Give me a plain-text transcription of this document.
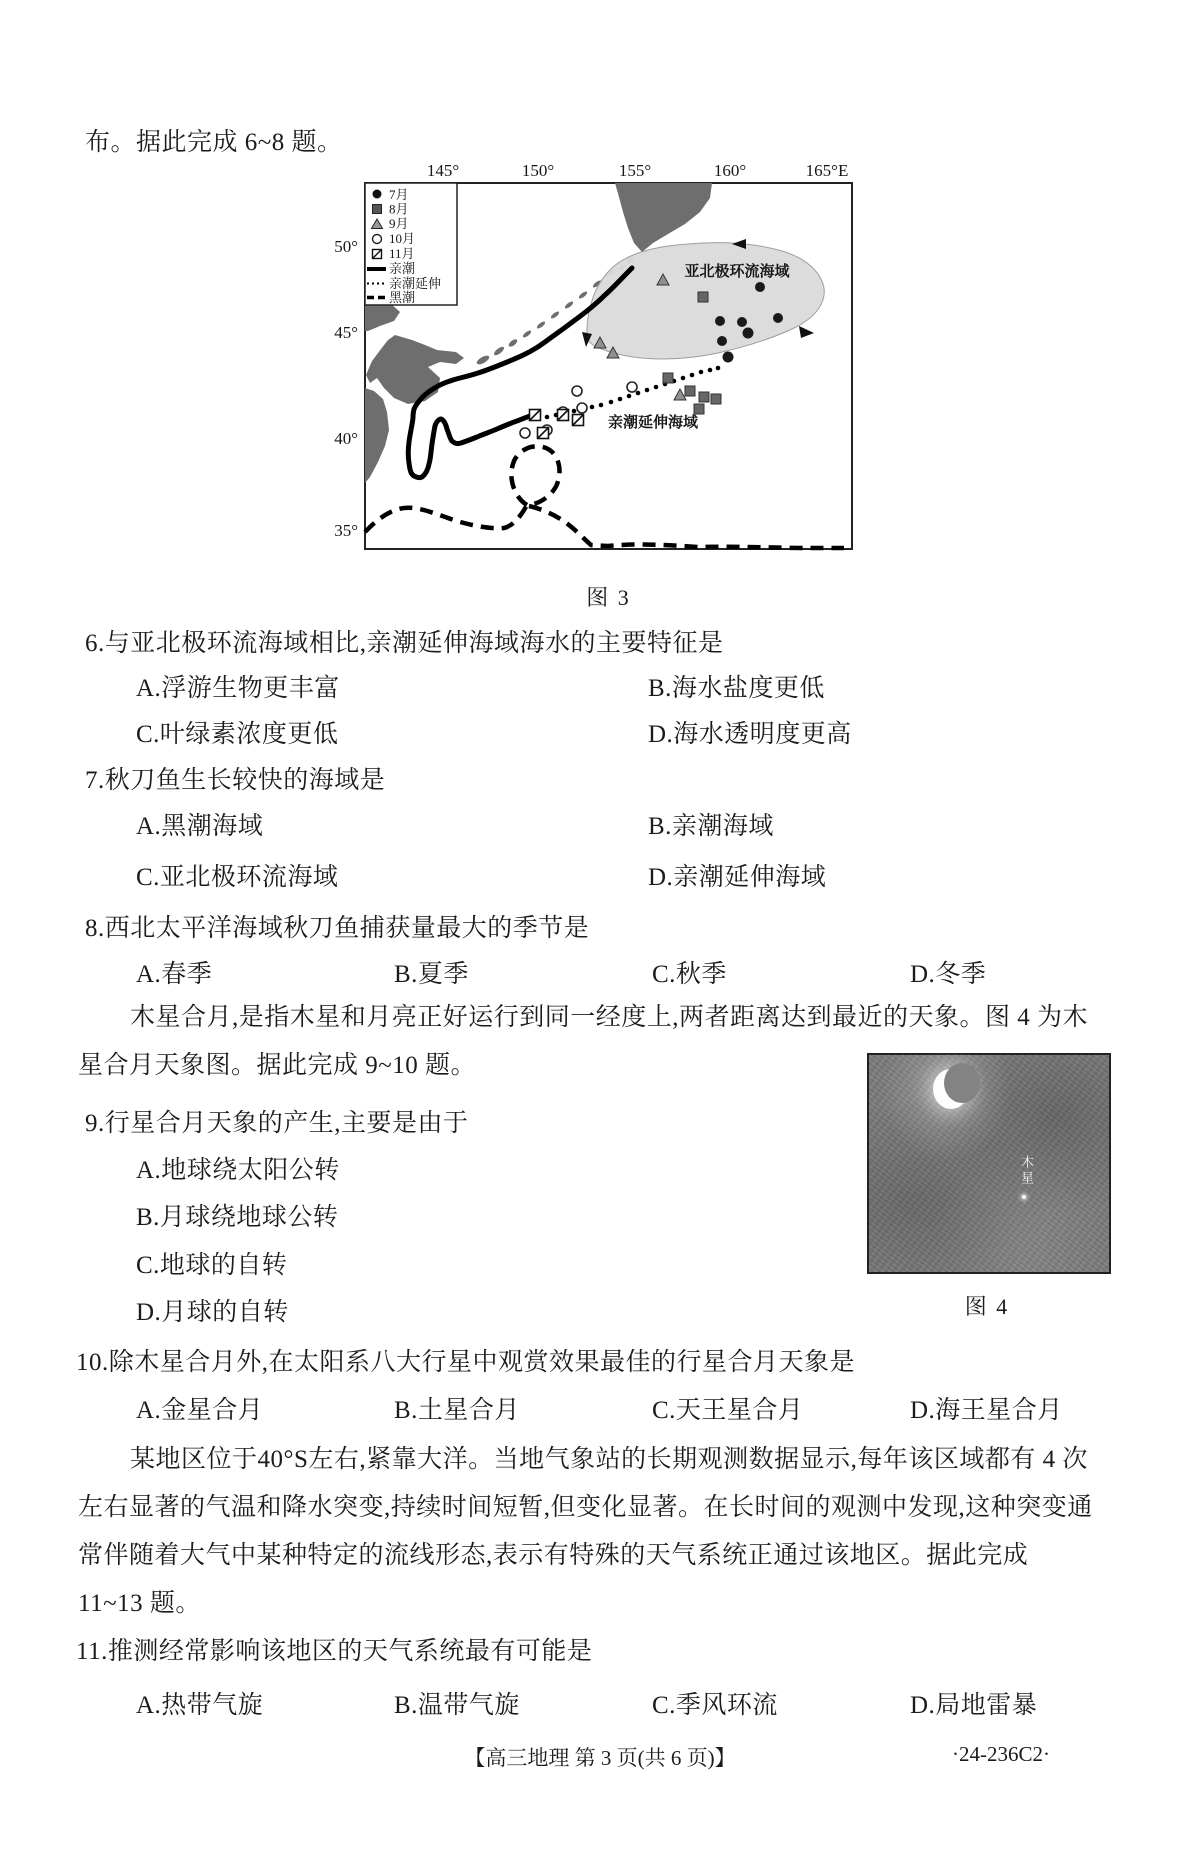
布。据此完成 6~8 题。
145°	150°	155°	160°	165°E
50°
45°
40°
35°
亚北极环流海域
亲潮延伸海域
7月
8月
9月
10月
11月
亲潮
亲潮延伸
黑潮
图 3
6.与亚北极环流海域相比,亲潮延伸海域海水的主要特征是
A.浮游生物更丰富	B.海水盐度更低
C.叶绿素浓度更低	D.海水透明度更高
7.秋刀鱼生长较快的海域是
A.黑潮海域	B.亲潮海域
C.亚北极环流海域	D.亲潮延伸海域
8.西北太平洋海域秋刀鱼捕获量最大的季节是
A.春季	B.夏季	C.秋季	D.冬季
木星合月,是指木星和月亮正好运行到同一经度上,两者距离达到最近的天象。图 4 为木
星合月天象图。据此完成 9~10 题。
木星
图 4
9.行星合月天象的产生,主要是由于
A.地球绕太阳公转
B.月球绕地球公转
C.地球的自转
D.月球的自转
10.除木星合月外,在太阳系八大行星中观赏效果最佳的行星合月天象是
A.金星合月	B.土星合月	C.天王星合月	D.海王星合月
某地区位于40°S左右,紧靠大洋。当地气象站的长期观测数据显示,每年该区域都有 4 次
左右显著的气温和降水突变,持续时间短暂,但变化显著。在长时间的观测中发现,这种突变通
常伴随着大气中某种特定的流线形态,表示有特殊的天气系统正通过该地区。据此完成
11~13 题。
11.推测经常影响该地区的天气系统最有可能是
A.热带气旋	B.温带气旋	C.季风环流	D.局地雷暴
【高三地理 第 3 页(共 6 页)】	·24-236C2·
